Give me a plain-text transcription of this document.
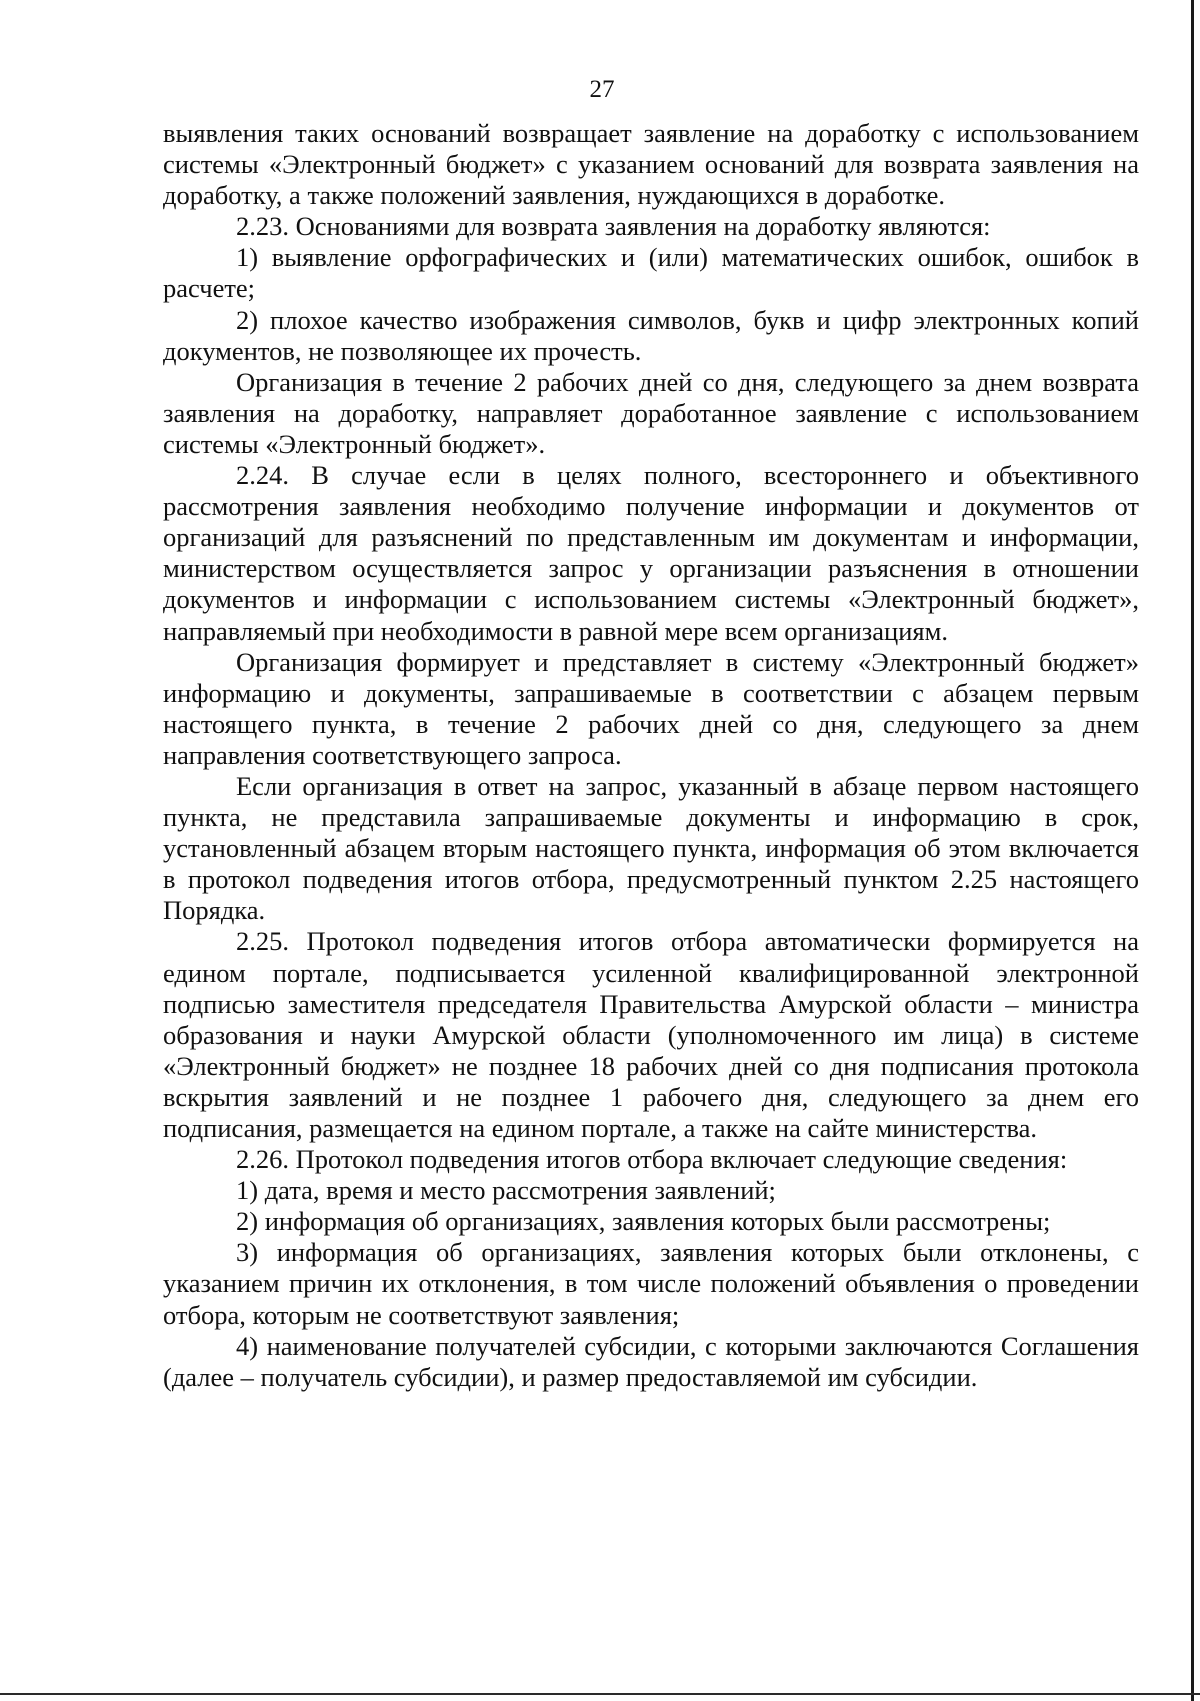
27

выявления таких оснований возвращает заявление на доработку с использованием системы «Электронный бюджет» с указанием оснований для возврата заявления на доработку, а также положений заявления, нуждающихся в доработке.

2.23. Основаниями для возврата заявления на доработку являются:

1) выявление орфографических и (или) математических ошибок, ошибок в расчете;

2) плохое качество изображения символов, букв и цифр электронных копий документов, не позволяющее их прочесть.

Организация в течение 2 рабочих дней со дня, следующего за днем возврата заявления на доработку, направляет доработанное заявление с использованием системы «Электронный бюджет».

2.24. В случае если в целях полного, всестороннего и объективного рассмотрения заявления необходимо получение информации и документов от организаций для разъяснений по представленным им документам и информации, министерством осуществляется запрос у организации разъяснения в отношении документов и информации с использованием системы «Электронный бюджет», направляемый при необходимости в равной мере всем организациям.

Организация формирует и представляет в систему «Электронный бюджет» информацию и документы, запрашиваемые в соответствии с абзацем первым настоящего пункта, в течение 2 рабочих дней со дня, следующего за днем направления соответствующего запроса.

Если организация в ответ на запрос, указанный в абзаце первом настоящего пункта, не представила запрашиваемые документы и информацию в срок, установленный абзацем вторым настоящего пункта, информация об этом включается в протокол подведения итогов отбора, предусмотренный пунктом 2.25 настоящего Порядка.

2.25. Протокол подведения итогов отбора автоматически формируется на едином портале, подписывается усиленной квалифицированной электронной подписью заместителя председателя Правительства Амурской области – министра образования и науки Амурской области (уполномоченного им лица) в системе «Электронный бюджет» не позднее 18 рабочих дней со дня подписания протокола вскрытия заявлений и не позднее 1 рабочего дня, следующего за днем его подписания, размещается на едином портале, а также на сайте министерства.

2.26. Протокол подведения итогов отбора включает следующие сведения:

1) дата, время и место рассмотрения заявлений;

2) информация об организациях, заявления которых были рассмотрены;

3) информация об организациях, заявления которых были отклонены, с указанием причин их отклонения, в том числе положений объявления о проведении отбора, которым не соответствуют заявления;

4) наименование получателей субсидии, с которыми заключаются Соглашения (далее – получатель субсидии), и размер предоставляемой им субсидии.
